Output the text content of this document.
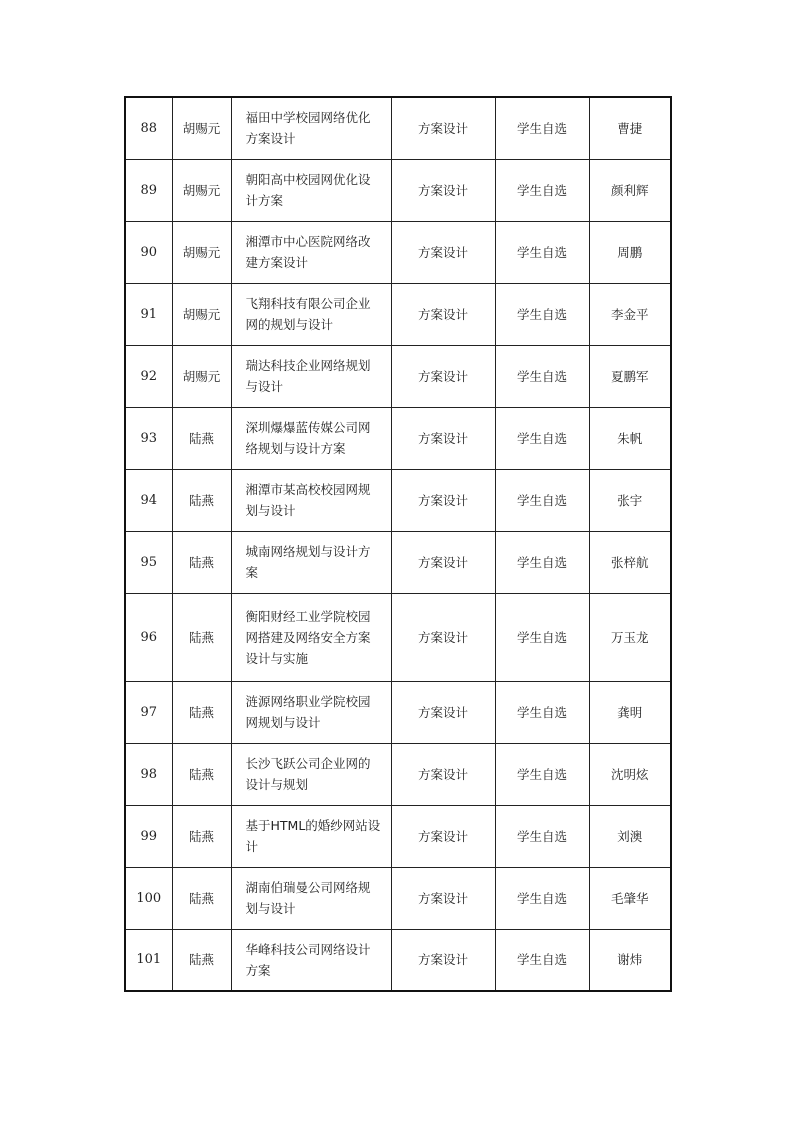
88	胡赐元	福田中学校园网络优化方案设计	方案设计	学生自选	曹捷
89	胡赐元	朝阳高中校园网优化设计方案	方案设计	学生自选	颜利辉
90	胡赐元	湘潭市中心医院网络改建方案设计	方案设计	学生自选	周鹏
91	胡赐元	飞翔科技有限公司企业网的规划与设计	方案设计	学生自选	李金平
92	胡赐元	瑞达科技企业网络规划与设计	方案设计	学生自选	夏鹏军
93	陆燕	深圳爆爆蓝传媒公司网络规划与设计方案	方案设计	学生自选	朱帆
94	陆燕	湘潭市某高校校园网规划与设计	方案设计	学生自选	张宇
95	陆燕	城南网络规划与设计方案	方案设计	学生自选	张梓航
96	陆燕	衡阳财经工业学院校园网搭建及网络安全方案设计与实施	方案设计	学生自选	万玉龙
97	陆燕	涟源网络职业学院校园网规划与设计	方案设计	学生自选	龚明
98	陆燕	长沙飞跃公司企业网的设计与规划	方案设计	学生自选	沈明炫
99	陆燕	基于HTML的婚纱网站设计	方案设计	学生自选	刘澳
100	陆燕	湖南伯瑞曼公司网络规划与设计	方案设计	学生自选	毛肇华
101	陆燕	华峰科技公司网络设计方案	方案设计	学生自选	谢炜
